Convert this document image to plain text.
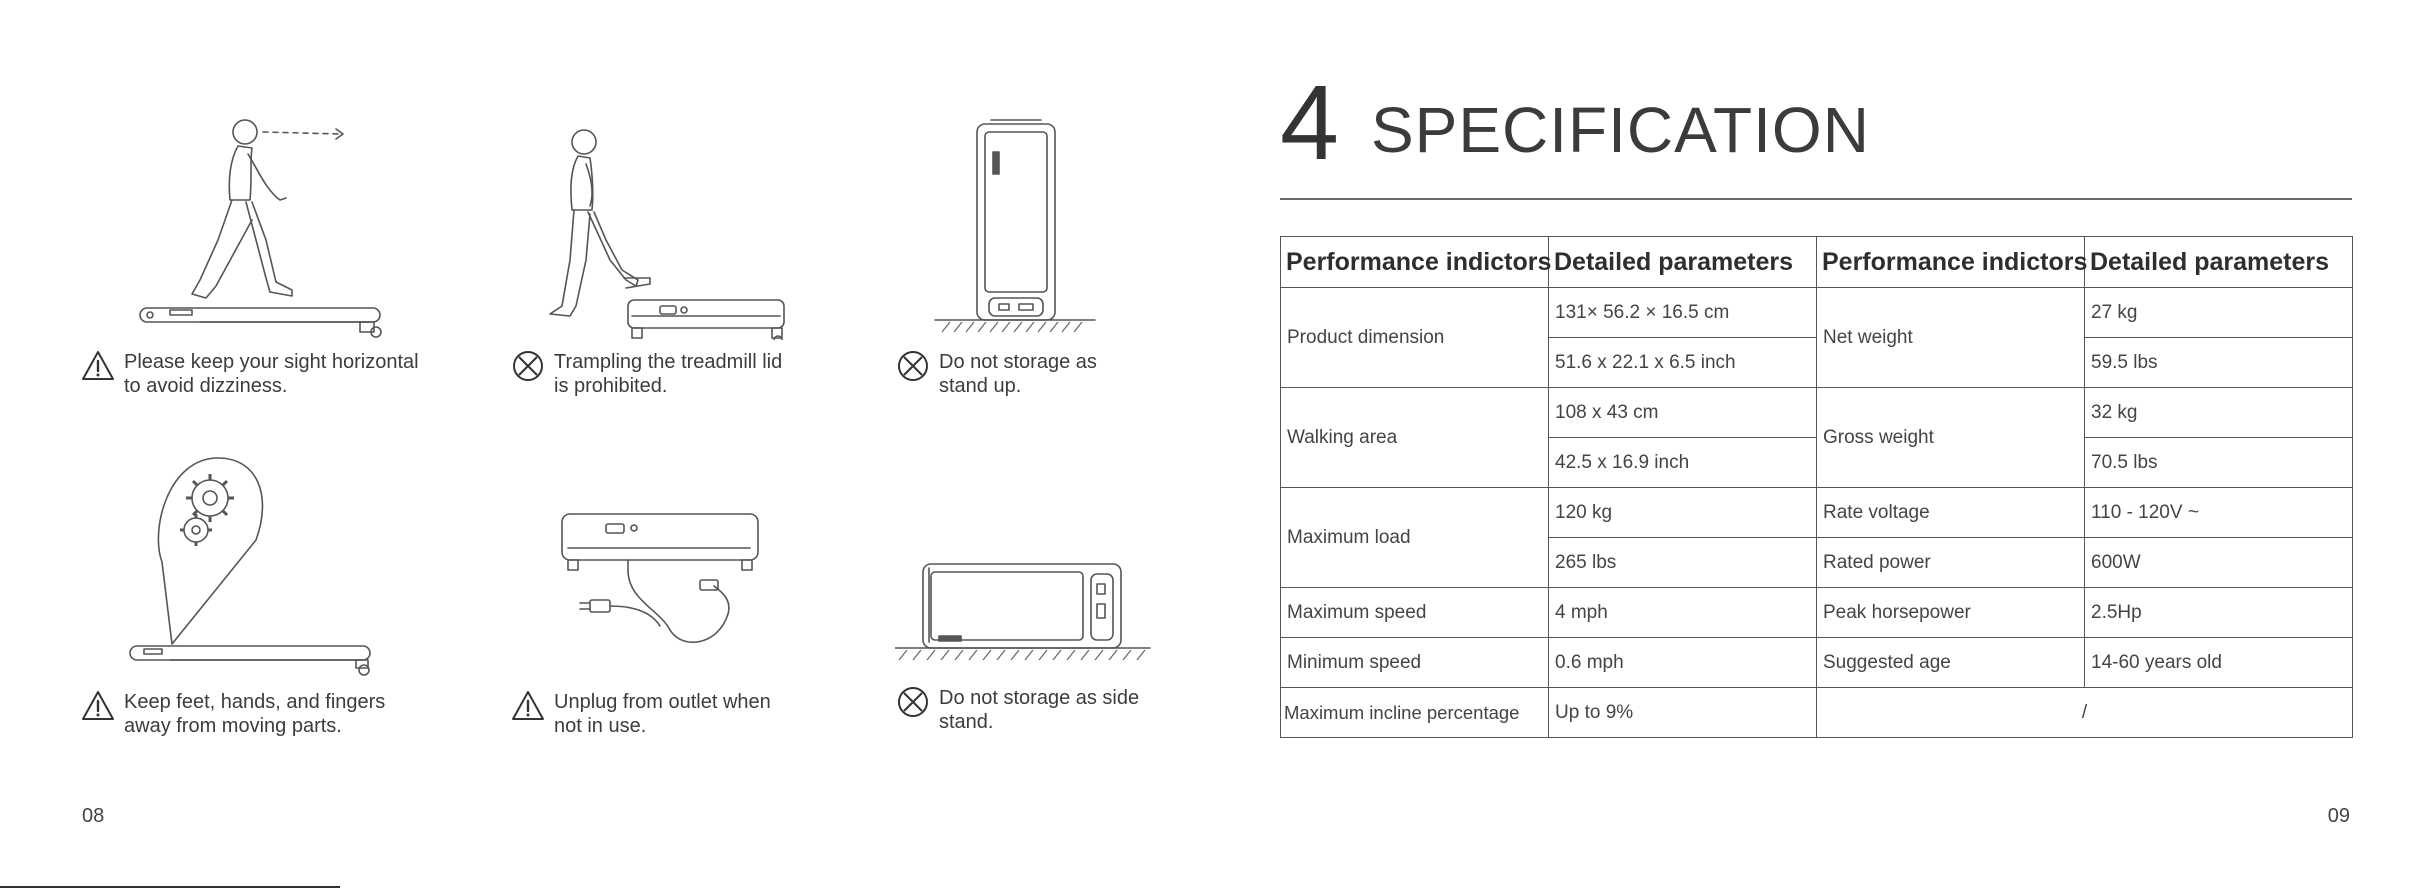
Please keep your sight horizontal
to avoid dizziness.
Trampling the treadmill lid
is prohibited.
Do not storage as
stand up.
Keep feet, hands, and fingers
away from moving parts.
Unplug from outlet when
not in use.
Do not storage as side
stand.
08
4 SPECIFICATION
Performance indictors	Detailed parameters	Performance indictors	Detailed parameters
Product dimension	131× 56.2 × 16.5 cm	Net weight	27 kg
	51.6 x 22.1 x 6.5 inch		59.5 lbs
Walking area	108 x 43 cm	Gross weight	32 kg
	42.5 x 16.9 inch		70.5 lbs
Maximum load	120 kg	Rate voltage	110 - 120V ~
	265 lbs	Rated power	600W
Maximum speed	4 mph	Peak horsepower	2.5Hp
Minimum speed	0.6 mph	Suggested age	14-60 years old
Maximum incline percentage	Up to 9%	/	
09
